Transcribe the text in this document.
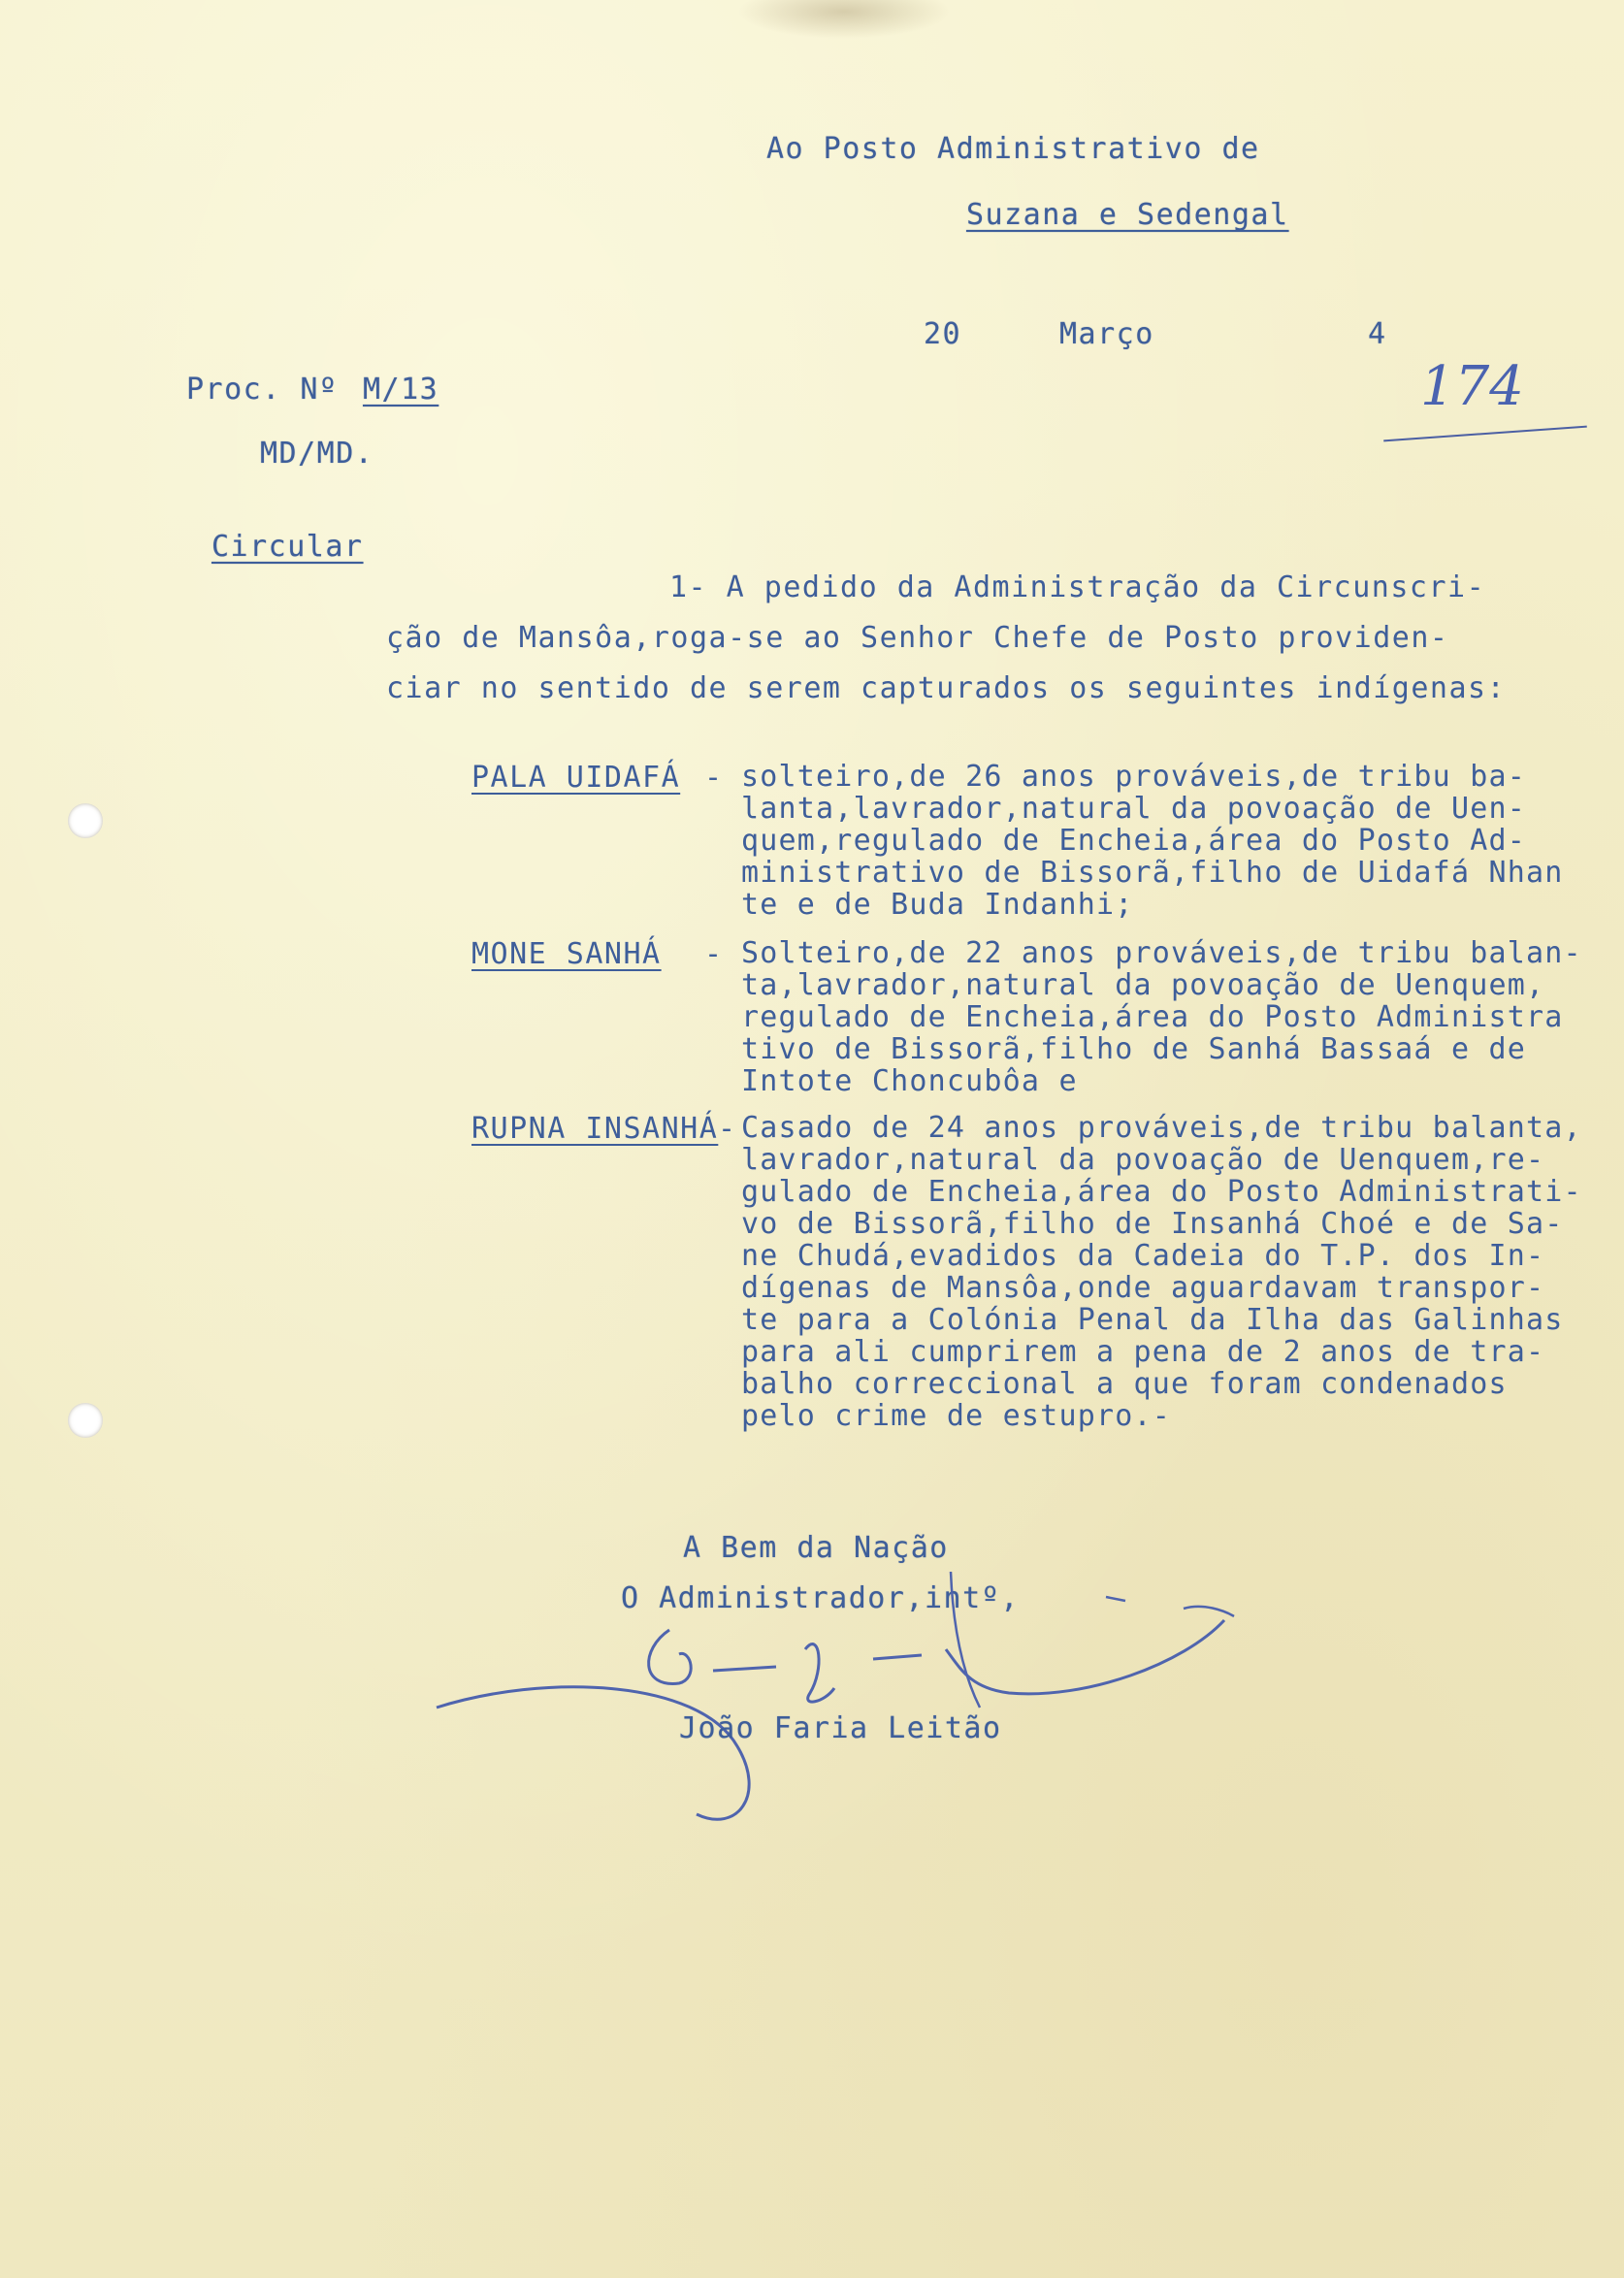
Ao Posto Administrativo de
Suzana e Sedengal
20	Março	4
174
Proc. Nº M/13
MD/MD.
Circular
1- A pedido da Administração da Circunscri-
ção de Mansôa,roga-se ao Senhor Chefe de Posto providen-
ciar no sentido de serem capturados os seguintes indígenas:
PALA UIDAFÁ - solteiro,de 26 anos prováveis,de tribu ba-
lanta,lavrador,natural da povoação de Uen-
quem,regulado de Encheia,área do Posto Ad-
ministrativo de Bissorã,filho de Uidafá Nhan
te e de Buda Indanhi;
MONE SANHÁ - Solteiro,de 22 anos prováveis,de tribu balan-
ta,lavrador,natural da povoação de Uenquem,
regulado de Encheia,área do Posto Administra
tivo de Bissorã,filho de Sanhá Bassaá e de
Intote Choncubôa e
RUPNA INSANHÁ - Casado de 24 anos prováveis,de tribu balanta,
lavrador,natural da povoação de Uenquem,re-
gulado de Encheia,área do Posto Administrati-
vo de Bissorã,filho de Insanhá Choé e de Sa-
ne Chudá,evadidos da Cadeia do T.P. dos In-
dígenas de Mansôa,onde aguardavam transpor-
te para a Colónia Penal da Ilha das Galinhas
para ali cumprirem a pena de 2 anos de tra-
balho correccional a que foram condenados
pelo crime de estupro.-
A Bem da Nação
O Administrador,intº,
João Faria Leitão
